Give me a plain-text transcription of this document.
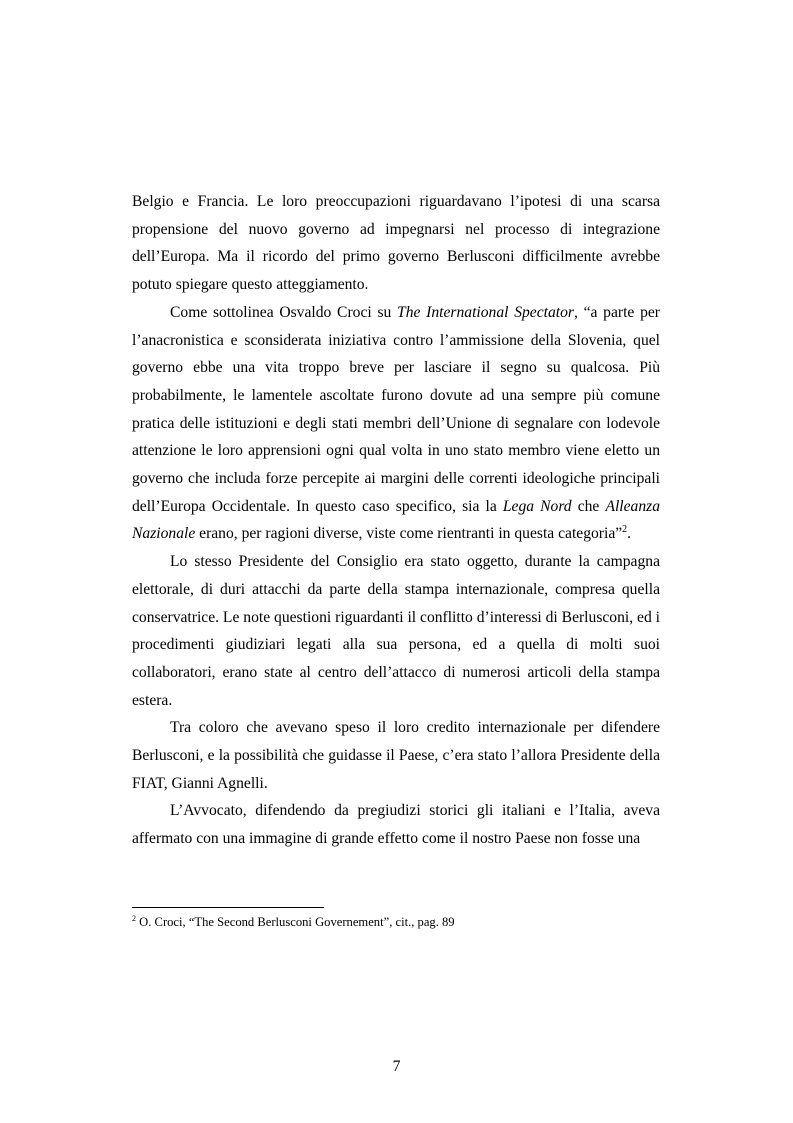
Belgio e Francia. Le loro preoccupazioni riguardavano l’ipotesi di una scarsa propensione del nuovo governo ad impegnarsi nel processo di integrazione dell’Europa. Ma il ricordo del primo governo Berlusconi difficilmente avrebbe potuto spiegare questo atteggiamento.

Come sottolinea Osvaldo Croci su The International Spectator, “a parte per l’anacronistica e sconsiderata iniziativa contro l’ammissione della Slovenia, quel governo ebbe una vita troppo breve per lasciare il segno su qualcosa. Più probabilmente, le lamentele ascoltate furono dovute ad una sempre più comune pratica delle istituzioni e degli stati membri dell’Unione di segnalare con lodevole attenzione le loro apprensioni ogni qual volta in uno stato membro viene eletto un governo che includa forze percepite ai margini delle correnti ideologiche principali dell’Europa Occidentale. In questo caso specifico, sia la Lega Nord che Alleanza Nazionale erano, per ragioni diverse, viste come rientranti in questa categoria”$^2$.

Lo stesso Presidente del Consiglio era stato oggetto, durante la campagna elettorale, di duri attacchi da parte della stampa internazionale, compresa quella conservatrice. Le note questioni riguardanti il conflitto d’interessi di Berlusconi, ed i procedimenti giudiziari legati alla sua persona, ed a quella di molti suoi collaboratori, erano state al centro dell’attacco di numerosi articoli della stampa estera.

Tra coloro che avevano speso il loro credito internazionale per difendere Berlusconi, e la possibilità che guidasse il Paese, c’era stato l’allora Presidente della FIAT, Gianni Agnelli.

L’Avvocato, difendendo da pregiudizi storici gli italiani e l’Italia, aveva affermato con una immagine di grande effetto come il nostro Paese non fosse una

$^2$ O. Croci, “The Second Berlusconi Governement”, cit., pag. 89
7
